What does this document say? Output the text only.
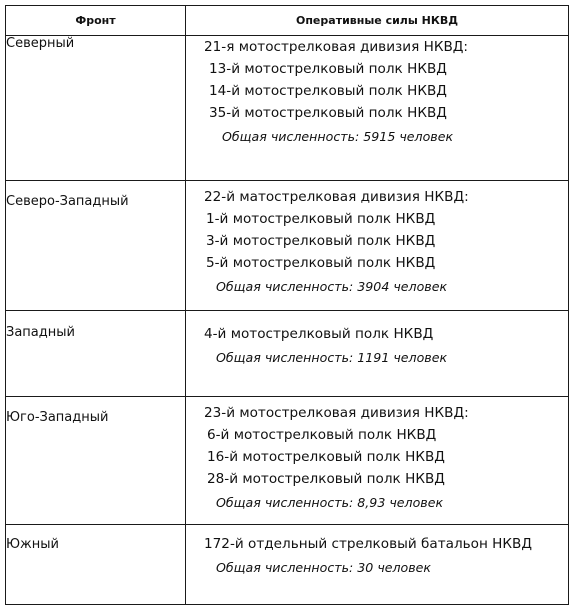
Фронт	Оперативные силы НКВД
Северный	21-я мотострелковая дивизия НКВД:
13-й мотострелковый полк НКВД
14-й мотострелковый полк НКВД
35-й мотострелковый полк НКВД
Общая численность: 5915 человек

Северо-Западный	22-й матострелковая дивизия НКВД:
1-й мотострелковый полк НКВД
3-й мотострелковый полк НКВД
5-й мотострелковый полк НКВД
Общая численность: 3904 человек

Западный	4-й мотострелковый полк НКВД
Общая численность: 1191 человек

Юго-Западный	23-й мотострелковая дивизия НКВД:
6-й мотострелковый полк НКВД
16-й мотострелковый полк НКВД
28-й мотострелковый полк НКВД
Общая численность: 8,93 человек

Южный	172-й отдельный стрелковый батальон НКВД
Общая численность: 30 человек
